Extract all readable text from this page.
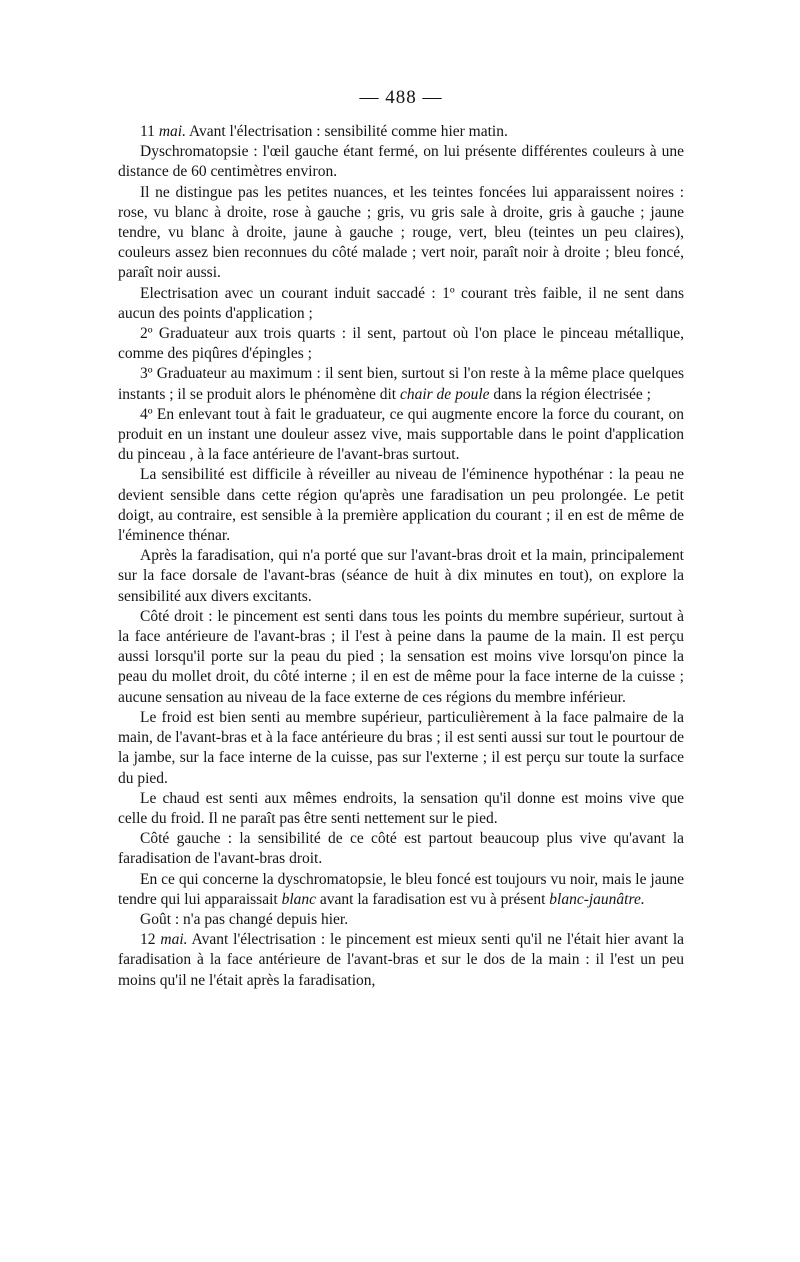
— 488 —

11 mai. Avant l'électrisation : sensibilité comme hier matin.

Dyschromatopsie : l'œil gauche étant fermé, on lui présente différentes couleurs à une distance de 60 centimètres environ.

Il ne distingue pas les petites nuances, et les teintes foncées lui apparaissent noires : rose, vu blanc à droite, rose à gauche ; gris, vu gris sale à droite, gris à gauche ; jaune tendre, vu blanc à droite, jaune à gauche ; rouge, vert, bleu (teintes un peu claires), couleurs assez bien reconnues du côté malade ; vert noir, paraît noir à droite ; bleu foncé, paraît noir aussi.

Electrisation avec un courant induit saccadé : 1º courant très faible, il ne sent dans aucun des points d'application ;

2º Graduateur aux trois quarts : il sent, partout où l'on place le pinceau métallique, comme des piqûres d'épingles ;

3º Graduateur au maximum : il sent bien, surtout si l'on reste à la même place quelques instants ; il se produit alors le phénomène dit chair de poule dans la région électrisée ;

4º En enlevant tout à fait le graduateur, ce qui augmente encore la force du courant, on produit en un instant une douleur assez vive, mais supportable dans le point d'application du pinceau , à la face antérieure de l'avant-bras surtout.

La sensibilité est difficile à réveiller au niveau de l'éminence hypothénar : la peau ne devient sensible dans cette région qu'après une faradisation un peu prolongée. Le petit doigt, au contraire, est sensible à la première application du courant ; il en est de même de l'éminence thénar.

Après la faradisation, qui n'a porté que sur l'avant-bras droit et la main, principalement sur la face dorsale de l'avant-bras (séance de huit à dix minutes en tout), on explore la sensibilité aux divers excitants.

Côté droit : le pincement est senti dans tous les points du membre supérieur, surtout à la face antérieure de l'avant-bras ; il l'est à peine dans la paume de la main. Il est perçu aussi lorsqu'il porte sur la peau du pied ; la sensation est moins vive lorsqu'on pince la peau du mollet droit, du côté interne ; il en est de même pour la face interne de la cuisse ; aucune sensation au niveau de la face externe de ces régions du membre inférieur.

Le froid est bien senti au membre supérieur, particulièrement à la face palmaire de la main, de l'avant-bras et à la face antérieure du bras ; il est senti aussi sur tout le pourtour de la jambe, sur la face interne de la cuisse, pas sur l'externe ; il est perçu sur toute la surface du pied.

Le chaud est senti aux mêmes endroits, la sensation qu'il donne est moins vive que celle du froid. Il ne paraît pas être senti nettement sur le pied.

Côté gauche : la sensibilité de ce côté est partout beaucoup plus vive qu'avant la faradisation de l'avant-bras droit.

En ce qui concerne la dyschromatopsie, le bleu foncé est toujours vu noir, mais le jaune tendre qui lui apparaissait blanc avant la faradisation est vu à présent blanc-jaunâtre.

Goût : n'a pas changé depuis hier.

12 mai. Avant l'électrisation : le pincement est mieux senti qu'il ne l'était hier avant la faradisation à la face antérieure de l'avant-bras et sur le dos de la main : il l'est un peu moins qu'il ne l'était après la faradisation,
